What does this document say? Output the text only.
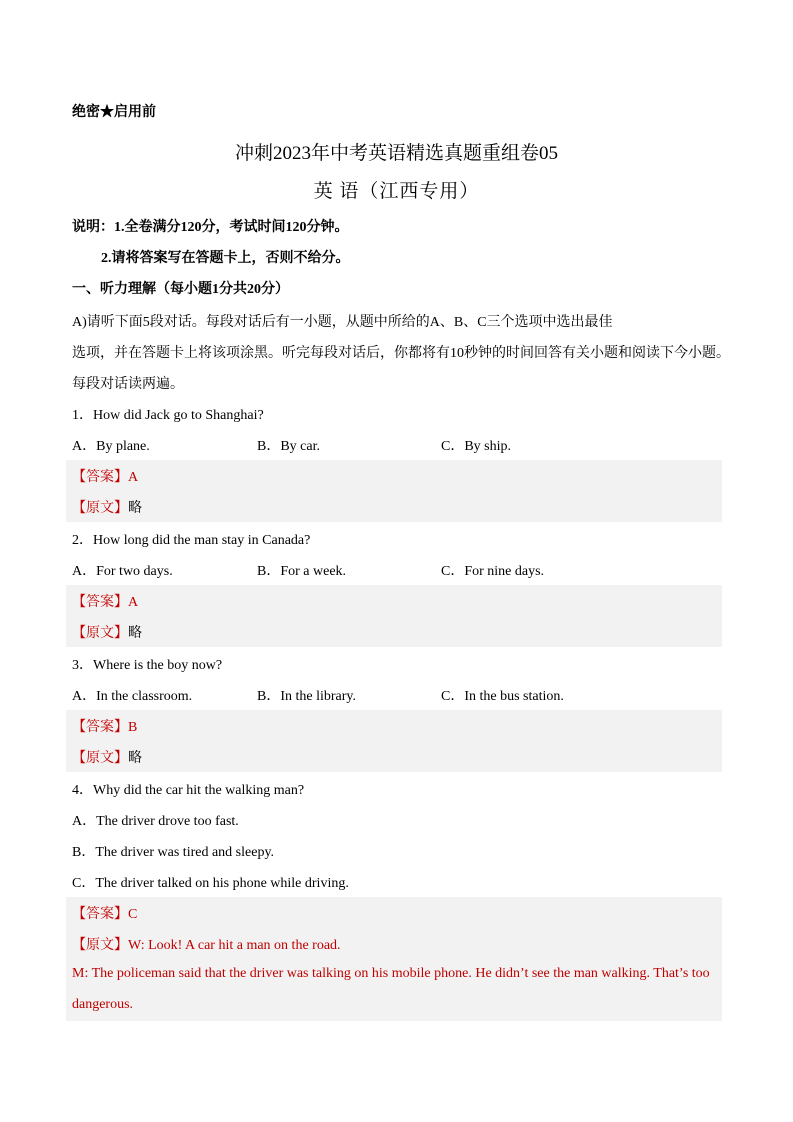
绝密★启用前
冲刺2023年中考英语精选真题重组卷05
英 语（江西专用）
说明：1.全卷满分120分，考试时间120分钟。
2.请将答案写在答题卡上，否则不给分。
一、听力理解（每小题1分共20分）
A)请听下面5段对话。每段对话后有一小题，从题中所给的A、B、C三个选项中选出最佳
选项，并在答题卡上将该项涂黑。听完每段对话后，你都将有10秒钟的时间回答有关小题和阅读下今小题。
每段对话读两遍。
1．How did Jack go to Shanghai?
A．By plane.	B．By car.	C．By ship.
【答案】A
【原文】略
2．How long did the man stay in Canada?
A．For two days.	B．For a week.	C．For nine days.
【答案】A
【原文】略
3．Where is the boy now?
A．In the classroom.	B．In the library.	C．In the bus station.
【答案】B
【原文】略
4．Why did the car hit the walking man?
A．The driver drove too fast.
B．The driver was tired and sleepy.
C．The driver talked on his phone while driving.
【答案】C
【原文】W: Look! A car hit a man on the road.
M: The policeman said that the driver was talking on his mobile phone. He didn’t see the man walking. That’s too
dangerous.
